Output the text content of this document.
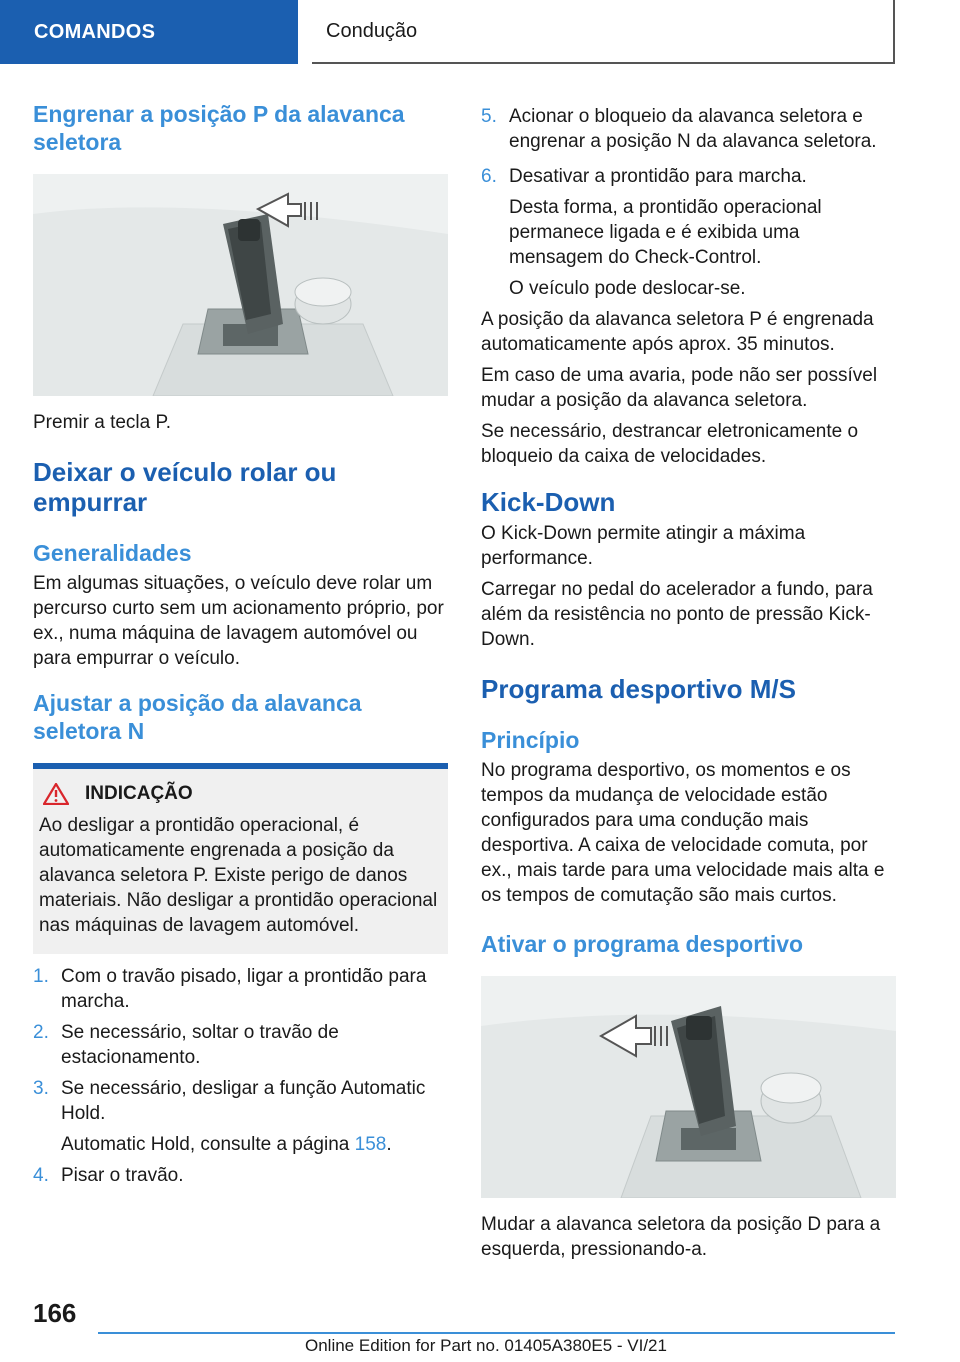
COMANDOS	Condução
Engrenar a posição P da alavanca seletora

Premir a tecla P.

Deixar o veículo rolar ou empurrar
Generalidades

Em algumas situações, o veículo deve rolar um percurso curto sem um acionamento próprio, por ex., numa máquina de lavagem automóvel ou para empurrar o veículo.

Ajustar a posição da alavanca seletora N
INDICAÇÃO

Ao desligar a prontidão operacional, é automaticamente engrenada a posição da alavanca seletora P. Existe perigo de danos materiais. Não desligar a prontidão operacional nas máquinas de lavagem automóvel.

1. Com o travão pisado, ligar a prontidão para marcha.
2. Se necessário, soltar o travão de estacionamento.
3. Se necessário, desligar a função Automatic Hold.

Automatic Hold, consulte a página 158.

4. Pisar o travão.
5. Acionar o bloqueio da alavanca seletora e engrenar a posição N da alavanca seletora.
6. Desativar a prontidão para marcha.

Desta forma, a prontidão operacional permanece ligada e é exibida uma mensagem do Check-Control.

O veículo pode deslocar-se.

A posição da alavanca seletora P é engrenada automaticamente após aprox. 35 minutos.

Em caso de uma avaria, pode não ser possível mudar a posição da alavanca seletora.

Se necessário, destrancar eletronicamente o bloqueio da caixa de velocidades.

Kick-Down

O Kick-Down permite atingir a máxima performance.

Carregar no pedal do acelerador a fundo, para além da resistência no ponto de pressão Kick-Down.

Programa desportivo M/S
Princípio

No programa desportivo, os momentos e os tempos da mudança de velocidade estão configurados para uma condução mais desportiva. A caixa de velocidade comuta, por ex., mais tarde para uma velocidade mais alta e os tempos de comutação são mais curtos.

Ativar o programa desportivo

Mudar a alavanca seletora da posição D para a esquerda, pressionando-a.

166
Online Edition for Part no. 01405A380E5 - VI/21
